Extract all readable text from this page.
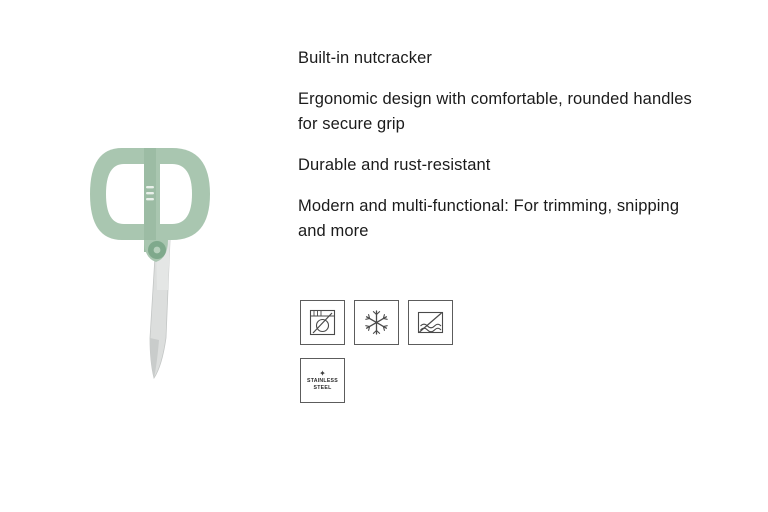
Built-in nutcracker
Ergonomic design with comfortable, rounded handles for secure grip
Durable and rust-resistant
Modern and multi-functional: For trimming, snipping and more
✦
STAINLESS
STEEL
